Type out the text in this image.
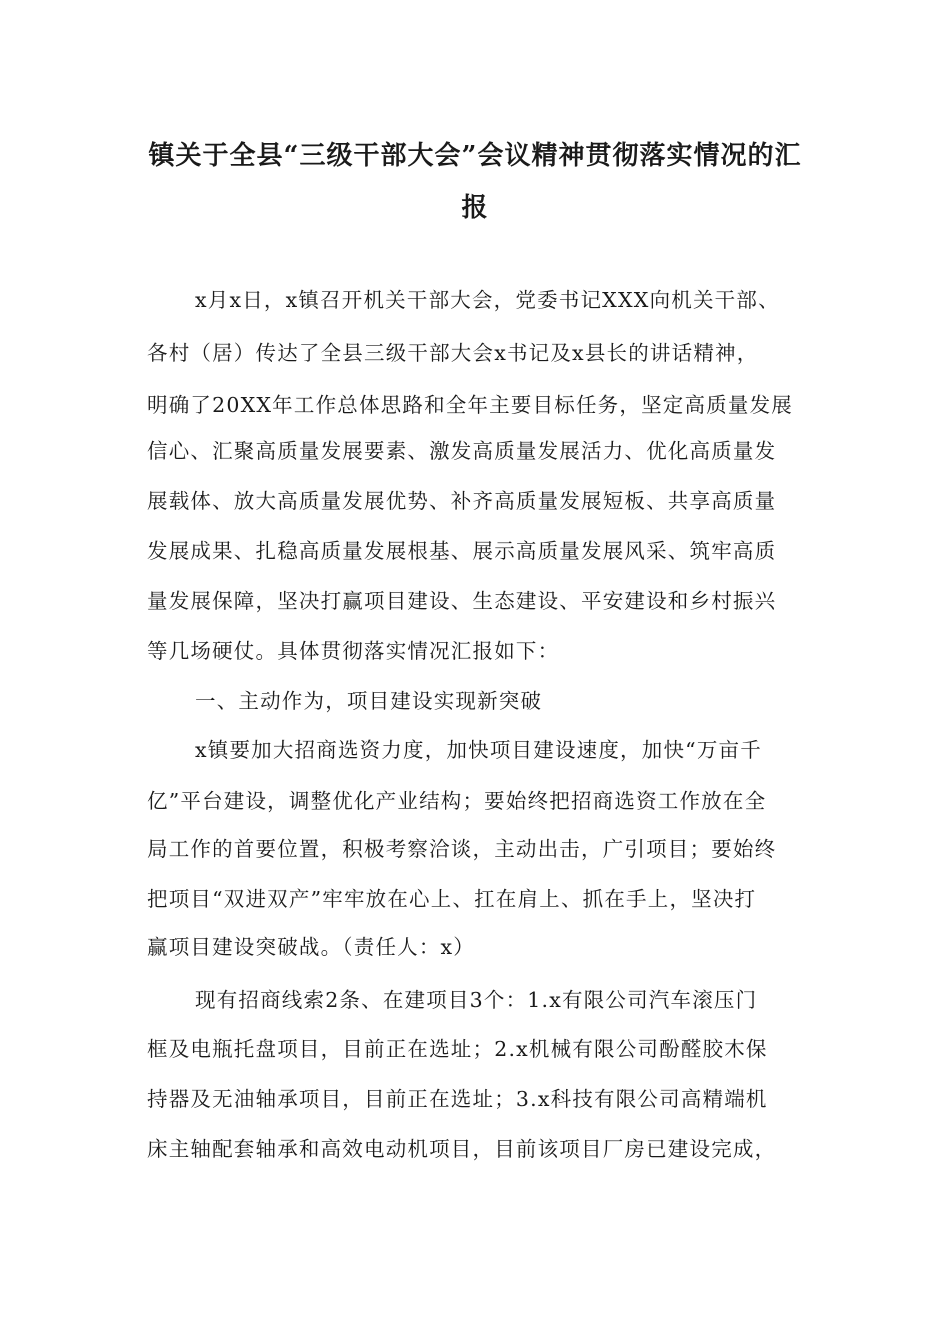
镇关于全县“三级干部大会”会议精神贯彻落实情况的汇
报
x月x日，x镇召开机关干部大会，党委书记XXX向机关干部、
各村（居）传达了全县三级干部大会x书记及x县长的讲话精神，
明确了20XX年工作总体思路和全年主要目标任务，坚定高质量发展
信心、汇聚高质量发展要素、激发高质量发展活力、优化高质量发
展载体、放大高质量发展优势、补齐高质量发展短板、共享高质量
发展成果、扎稳高质量发展根基、展示高质量发展风采、筑牢高质
量发展保障，坚决打赢项目建设、生态建设、平安建设和乡村振兴
等几场硬仗。具体贯彻落实情况汇报如下：
一、主动作为，项目建设实现新突破
x镇要加大招商选资力度，加快项目建设速度，加快“万亩千
亿”平台建设，调整优化产业结构；要始终把招商选资工作放在全
局工作的首要位置，积极考察洽谈，主动出击，广引项目；要始终
把项目“双进双产”牢牢放在心上、扛在肩上、抓在手上，坚决打
赢项目建设突破战。（责任人：x）
现有招商线索2条、在建项目3个：1.x有限公司汽车滚压门
框及电瓶托盘项目，目前正在选址；2.x机械有限公司酚醛胶木保
持器及无油轴承项目，目前正在选址；3.x科技有限公司高精端机
床主轴配套轴承和高效电动机项目，目前该项目厂房已建设完成，
